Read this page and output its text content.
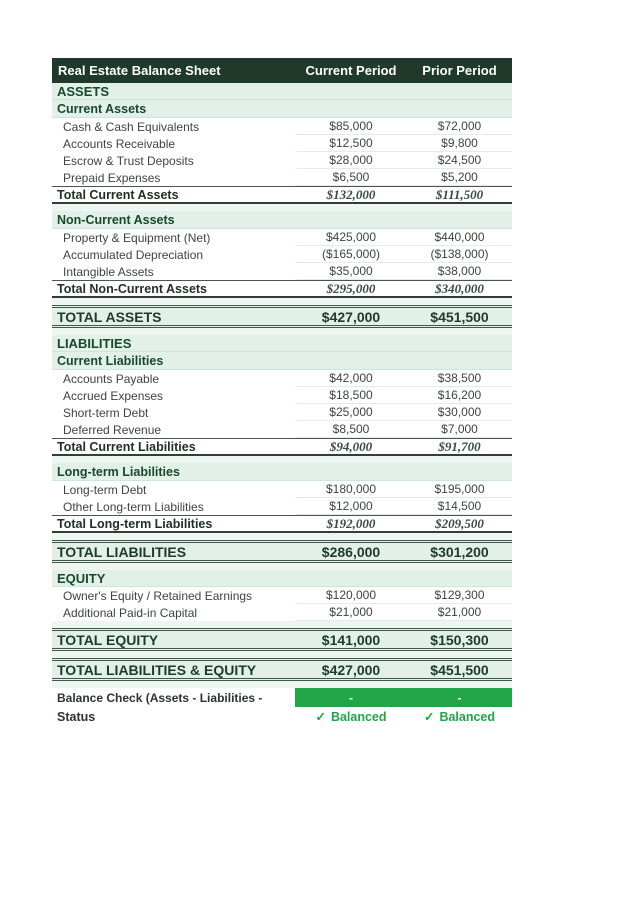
Real Estate Balance Sheet	Current Period	Prior Period
ASSETS
Current Assets
Cash & Cash Equivalents	$85,000	$72,000
Accounts Receivable	$12,500	$9,800
Escrow & Trust Deposits	$28,000	$24,500
Prepaid Expenses	$6,500	$5,200
Total Current Assets	$132,000	$111,500
Non-Current Assets
Property & Equipment (Net)	$425,000	$440,000
Accumulated Depreciation	($165,000)	($138,000)
Intangible Assets	$35,000	$38,000
Total Non-Current Assets	$295,000	$340,000
TOTAL ASSETS	$427,000	$451,500
LIABILITIES
Current Liabilities
Accounts Payable	$42,000	$38,500
Accrued Expenses	$18,500	$16,200
Short-term Debt	$25,000	$30,000
Deferred Revenue	$8,500	$7,000
Total Current Liabilities	$94,000	$91,700
Long-term Liabilities
Long-term Debt	$180,000	$195,000
Other Long-term Liabilities	$12,000	$14,500
Total Long-term Liabilities	$192,000	$209,500
TOTAL LIABILITIES	$286,000	$301,200
EQUITY
Owner's Equity / Retained Earnings	$120,000	$129,300
Additional Paid-in Capital	$21,000	$21,000
TOTAL EQUITY	$141,000	$150,300
TOTAL LIABILITIES & EQUITY	$427,000	$451,500
Balance Check (Assets - Liabilities -	-	-
Status	✓ Balanced	✓ Balanced
